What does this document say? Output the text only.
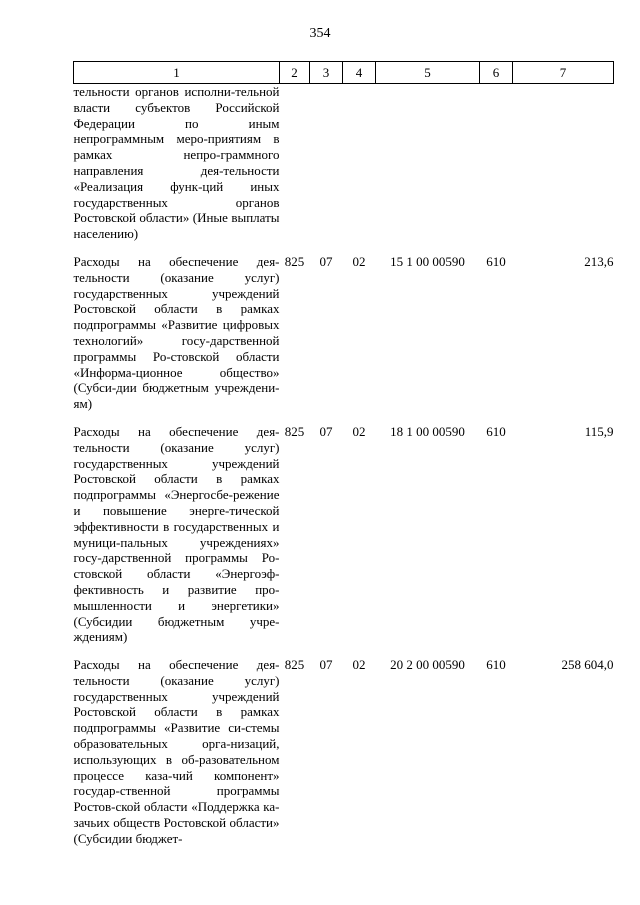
354
1	2	3	4	5	6	7
тельности органов исполни-тельной власти субъектов Российской Федерации по иным непрограммным меро-приятиям в рамках непро-граммного направления дея-тельности «Реализация функ-ций иных государственных органов Ростовской области» (Иные выплаты населению)						
Расходы на обеспечение дея-тельности (оказание услуг) государственных учреждений Ростовской области в рамках подпрограммы «Развитие цифровых технологий» госу-дарственной программы Ро-стовской области «Информа-ционное общество» (Субси-дии бюджетным учреждени-ям)	825	07	02	15 1 00 00590	610	213,6
Расходы на обеспечение дея-тельности (оказание услуг) государственных учреждений Ростовской области в рамках подпрограммы «Энергосбе-режение и повышение энерге-тической эффективности в государственных и муници-пальных учреждениях» госу-дарственной программы Ро-стовской области «Энергоэф-фективность и развитие про-мышленности и энергетики» (Субсидии бюджетным учре-ждениям)	825	07	02	18 1 00 00590	610	115,9
Расходы на обеспечение дея-тельности (оказание услуг) государственных учреждений Ростовской области в рамках подпрограммы «Развитие си-стемы образовательных орга-низаций, использующих в об-разовательном процессе каза-чий компонент» государ-ственной программы Ростов-ской области «Поддержка ка-зачьих обществ Ростовской области» (Субсидии бюджет-	825	07	02	20 2 00 00590	610	258 604,0
